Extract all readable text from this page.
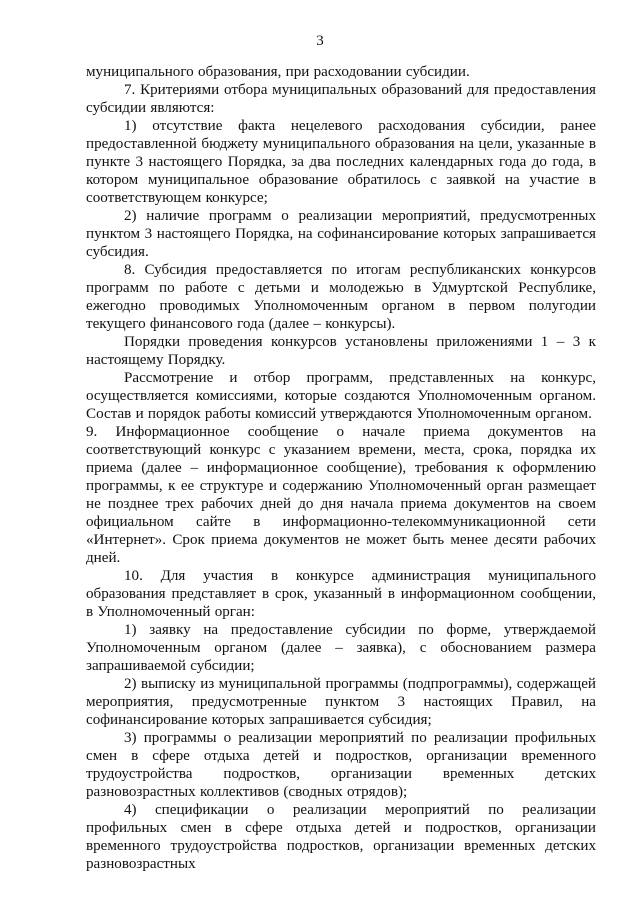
3

муниципального образования, при расходовании субсидии.

7. Критериями отбора муниципальных образований для предоставления субсидии являются:

1) отсутствие факта нецелевого расходования субсидии, ранее предоставленной бюджету муниципального образования на цели, указанные в пункте 3 настоящего Порядка, за два последних календарных года до года, в котором муниципальное образование обратилось с заявкой на участие в соответствующем конкурсе;

2) наличие программ о реализации мероприятий, предусмотренных пунктом 3 настоящего Порядка, на софинансирование которых запрашивается субсидия.

8. Субсидия предоставляется по итогам республиканских конкурсов программ по работе с детьми и молодежью в Удмуртской Республике, ежегодно проводимых Уполномоченным органом в первом полугодии текущего финансового года (далее – конкурсы).

Порядки проведения конкурсов установлены приложениями 1 – 3 к настоящему Порядку.

Рассмотрение и отбор программ, представленных на конкурс, осуществляется комиссиями, которые создаются Уполномоченным органом. Состав и порядок работы комиссий утверждаются Уполномоченным органом.

9. Информационное сообщение о начале приема документов на соответствующий конкурс с указанием времени, места, срока, порядка их приема (далее – информационное сообщение), требования к оформлению программы, к ее структуре и содержанию Уполномоченный орган размещает не позднее трех рабочих дней до дня начала приема документов на своем официальном сайте в информационно-телекоммуникационной сети «Интернет». Срок приема документов не может быть менее десяти рабочих дней.

10. Для участия в конкурсе администрация муниципального образования представляет в срок, указанный в информационном сообщении, в Уполномоченный орган:

1) заявку на предоставление субсидии по форме, утверждаемой Уполномоченным органом (далее – заявка), с обоснованием размера запрашиваемой субсидии;

2) выписку из муниципальной программы (подпрограммы), содержащей мероприятия, предусмотренные пунктом 3 настоящих Правил, на софинансирование которых запрашивается субсидия;

3) программы о реализации мероприятий по реализации профильных смен в сфере отдыха детей и подростков, организации временного трудоустройства подростков, организации временных детских разновозрастных коллективов (сводных отрядов);

4) спецификации о реализации мероприятий по реализации профильных смен в сфере отдыха детей и подростков, организации временного трудоустройства подростков, организации временных детских разновозрастных
